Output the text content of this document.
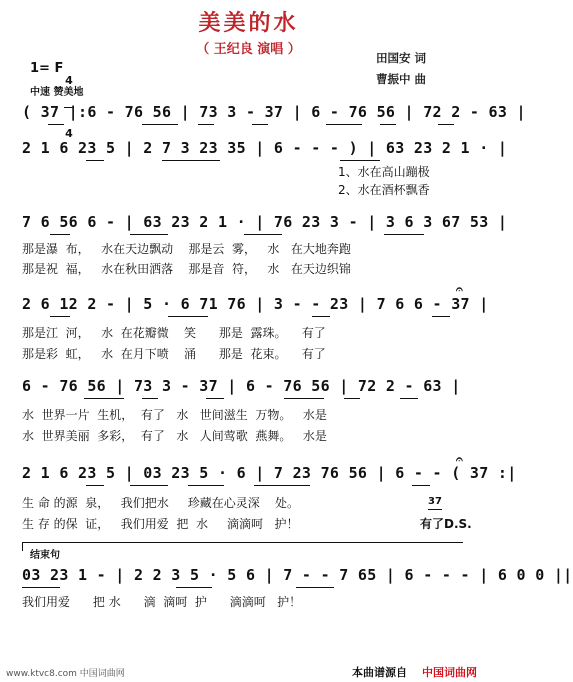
美美的水
（ 王纪良 演唱 ）
田国安 词
曹振中 曲
1= F

4

4

中速 赞美地
( 37 |:6 - 76 56 | 73 3 - 37 | 6 - 76 56 | 72 2 - 63 |
2 1 6 23 5 | 2 7 3 23 35 | 6 - - - ) | 63 23 2 1 · |
1、水在高山蹦极
2、水在酒杯飘香
7 6 56 6 - | 63 23 2 1 · | 76 23 3 - | 3 6 3 67 53 |
那是瀑  布，   水在天边飘动    那是云  雾，   水   在大地奔跑
那是祝  福，   水在秋田洒落    那是音  符，   水   在天边织锦
2 6 12 2 - | 5 · 6 71 76 | 3 - - 23 | 7 6 6 - 37 |
𝄐
那是江  河，   水  在花瓣微    笑      那是  露珠。    有了
那是彩  虹，   水  在月下喷    涌      那是  花束。    有了
6 - 76 56 | 73 3 - 37 | 6 - 76 56 | 72 2 - 63 |
水  世界一片  生机，  有了   水   世间滋生  万物。   水是
水  世界美丽  多彩，  有了   水   人间莺歌  燕舞。   水是
2 1 6 23 5 | 03 23 5 · 6 | 7 23 76 56 | 6 - - ( 37 :|
𝄐
生 命 的源  泉，   我们把水     珍藏在心灵深    处。	37
生 存 的保  证，   我们用爱  把  水     滴滴呵   护！	有了D.S.
结束句
03 23 1 - | 2 2 3 5 · 5 6 | 7 - - 7 65 | 6 - - - | 6 0 0 ||
我们用爱      把 水      滴  滴呵  护      滴滴呵   护！
www.ktvc8.com 中国词曲网	本曲谱源自 中国词曲网
